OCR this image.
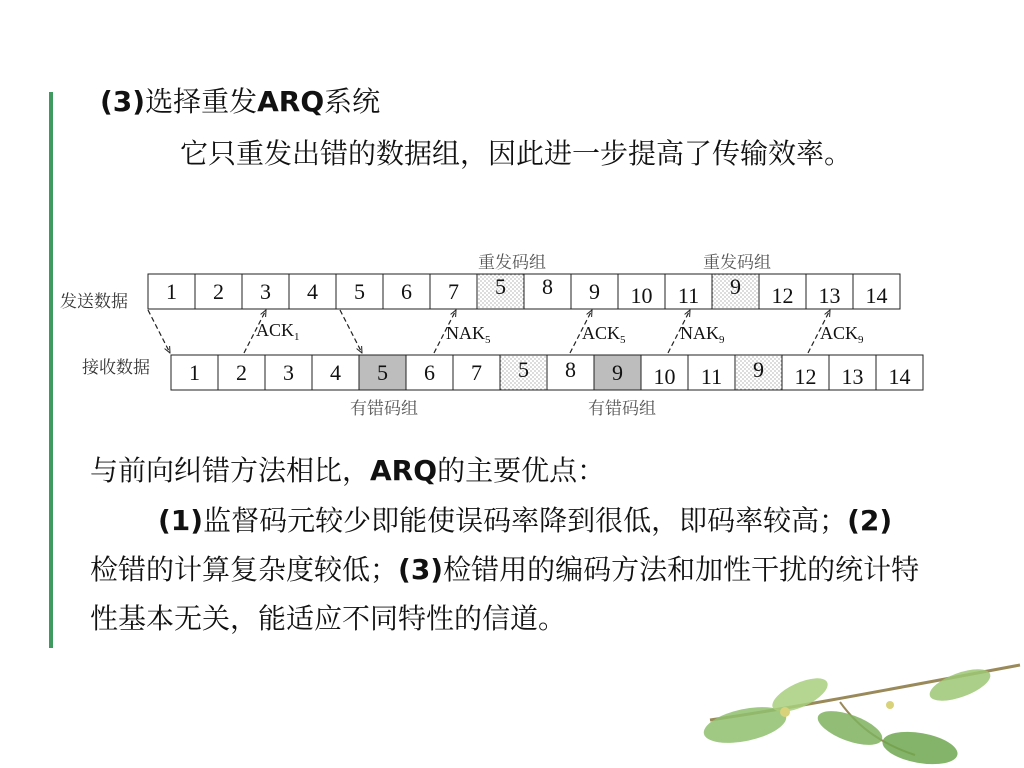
(3)选择重发ARQ系统
它只重发出错的数据组，因此进一步提高了传输效率。
重发码组	重发码组
发送数据
接收数据
1 2 3 4 5 6 7 5 8 9 10 11 9 12 13 14
1 2 3 4 5 6 7 5 8 9 10 11 9 12 13 14
$ACK_1$	$NAK_5$	$ACK_5$	$NAK_9$	$ACK_9$
有错码组	有错码组
与前向纠错方法相比，ARQ的主要优点：
(1)监督码元较少即能使误码率降到很低，即码率较高；(2)检错的计算复杂度较低；(3)检错用的编码方法和加性干扰的统计特性基本无关，能适应不同特性的信道。
